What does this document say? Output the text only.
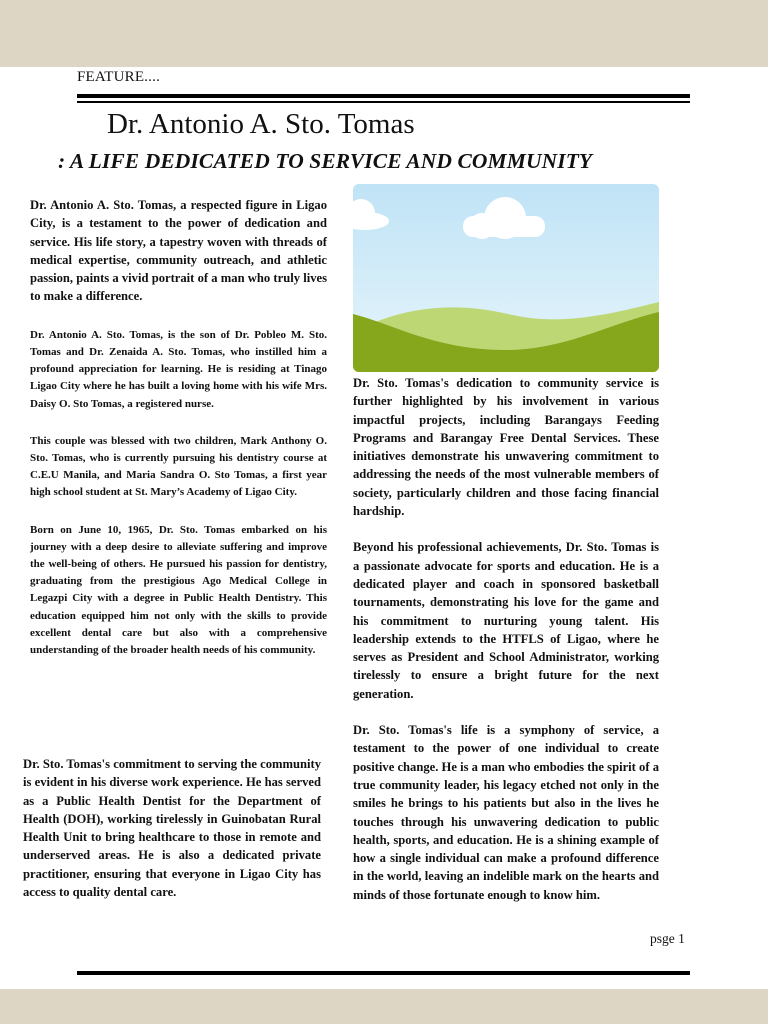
FEATURE....
Dr. Antonio A. Sto. Tomas
: A LIFE DEDICATED TO SERVICE AND COMMUNITY

Dr. Antonio A. Sto. Tomas, a respected figure in Ligao City, is a testament to the power of dedication and service. His life story, a tapestry woven with threads of medical expertise, community outreach, and athletic passion, paints a vivid portrait of a man who truly lives to make a difference.

Dr. Antonio A. Sto. Tomas, is the son of Dr. Pobleo M. Sto. Tomas and Dr. Zenaida A. Sto. Tomas, who instilled him a profound appreciation for learning. He is residing at Tinago Ligao City where he has built a loving home with his wife Mrs. Daisy O. Sto Tomas, a registered nurse.

This couple was blessed with two children, Mark Anthony O. Sto. Tomas, who is currently pursuing his dentistry course at C.E.U Manila, and Maria Sandra O. Sto Tomas, a first year high school student at St. Mary’s Academy of Ligao City.

Born on June 10, 1965, Dr. Sto. Tomas embarked on his journey with a deep desire to alleviate suffering and improve the well-being of others. He pursued his passion for dentistry, graduating from the prestigious Ago Medical College in Legazpi City with a degree in Public Health Dentistry. This education equipped him not only with the skills to provide excellent dental care but also with a comprehensive understanding of the broader health needs of his community.

Dr. Sto. Tomas's commitment to serving the community is evident in his diverse work experience. He has served as a Public Health Dentist for the Department of Health (DOH), working tirelessly in Guinobatan Rural Health Unit to bring healthcare to those in remote and underserved areas. He is also a dedicated private practitioner, ensuring that everyone in Ligao City has access to quality dental care.

Dr. Sto. Tomas's dedication to community service is further highlighted by his involvement in various impactful projects, including Barangays Feeding Programs and Barangay Free Dental Services. These initiatives demonstrate his unwavering commitment to addressing the needs of the most vulnerable members of society, particularly children and those facing financial hardship.

Beyond his professional achievements, Dr. Sto. Tomas is a passionate advocate for sports and education. He is a dedicated player and coach in sponsored basketball tournaments, demonstrating his love for the game and his commitment to nurturing young talent. His leadership extends to the HTFLS of Ligao, where he serves as President and School Administrator, working tirelessly to ensure a bright future for the next generation.

Dr. Sto. Tomas's life is a symphony of service, a testament to the power of one individual to create positive change. He is a man who embodies the spirit of a true community leader, his legacy etched not only in the smiles he brings to his patients but also in the lives he touches through his unwavering dedication to public health, sports, and education. He is a shining example of how a single individual can make a profound difference in the world, leaving an indelible mark on the hearts and minds of those fortunate enough to know him.

psge 1
